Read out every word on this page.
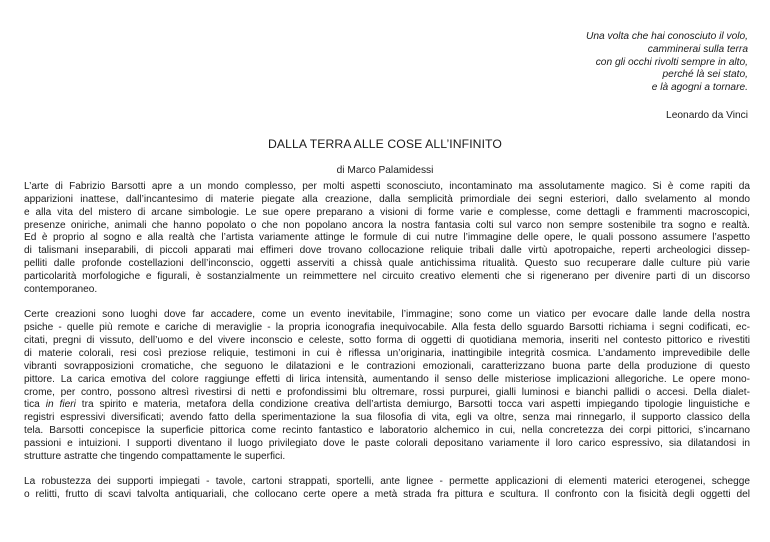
Una volta che hai conosciuto il volo,
camminerai sulla terra
con gli occhi rivolti sempre in alto,
perché là sei stato,
e là agogni a tornare.
Leonardo da Vinci
DALLA TERRA ALLE COSE ALL’INFINITO
di Marco Palamidessi
L’arte di Fabrizio Barsotti apre a un mondo complesso, per molti aspetti sconosciuto, incontaminato ma assolutamente magico. Si è come rapiti da
apparizioni inattese, dall’incantesimo di materie piegate alla creazione, dalla semplicità primordiale dei segni esteriori, dallo svelamento al mondo
e alla vita del mistero di arcane simbologie. Le sue opere preparano a visioni di forme varie e complesse, come dettagli e frammenti macroscopici,
presenze oniriche, animali che hanno popolato o che non popolano ancora la nostra fantasia colti sul varco non sempre sostenibile tra sogno e realtà.
Ed è proprio al sogno e alla realtà che l’artista variamente attinge le formule di cui nutre l’immagine delle opere, le quali possono assumere l’aspetto
di talismani inseparabili, di piccoli apparati mai effimeri dove trovano collocazione reliquie tribali dalle virtù apotropaiche, reperti archeologici dissep-
pelliti dalle profonde costellazioni dell’inconscio, oggetti asserviti a chissà quale antichissima ritualità. Questo suo recuperare dalle culture più varie
particolarità morfologiche e figurali, è sostanzialmente un reimmettere nel circuito creativo elementi che si rigenerano per divenire parti di un discorso
contemporaneo.
Certe creazioni sono luoghi dove far accadere, come un evento inevitabile, l’immagine; sono come un viatico per evocare dalle lande della nostra
psiche - quelle più remote e cariche di meraviglie - la propria iconografia inequivocabile. Alla festa dello sguardo Barsotti richiama i segni codificati, ec-
citati, pregni di vissuto, dell’uomo e del vivere inconscio e celeste, sotto forma di oggetti di quotidiana memoria, inseriti nel contesto pittorico e rivestiti
di materie colorali, resi così preziose reliquie, testimoni in cui è riflessa un’originaria, inattingibile integrità cosmica. L’andamento imprevedibile delle
vibranti sovrapposizioni cromatiche, che seguono le dilatazioni e le contrazioni emozionali, caratterizzano buona parte della produzione di questo
pittore. La carica emotiva del colore raggiunge effetti di lirica intensità, aumentando il senso delle misteriose implicazioni allegoriche. Le opere mono-
crome, per contro, possono altresì rivestirsi di netti e profondissimi blu oltremare, rossi purpurei, gialli luminosi e bianchi pallidi o accesi. Della dialet-
tica in fieri tra spirito e materia, metafora della condizione creativa dell’artista demiurgo, Barsotti tocca vari aspetti impiegando tipologie linguistiche e
registri espressivi diversificati; avendo fatto della sperimentazione la sua filosofia di vita, egli va oltre, senza mai rinnegarlo, il supporto classico della
tela. Barsotti concepisce la superficie pittorica come recinto fantastico e laboratorio alchemico in cui, nella concretezza dei corpi pittorici, s’incarnano
passioni e intuizioni. I supporti diventano il luogo privilegiato dove le paste colorali depositano variamente il loro carico espressivo, sia dilatandosi in
strutture astratte che tingendo compattamente le superfici.
La robustezza dei supporti impiegati - tavole, cartoni strappati, sportelli, ante lignee - permette applicazioni di elementi materici eterogenei, schegge
o relitti, frutto di scavi talvolta antiquariali, che collocano certe opere a metà strada fra pittura e scultura. Il confronto con la fisicità degli oggetti del
